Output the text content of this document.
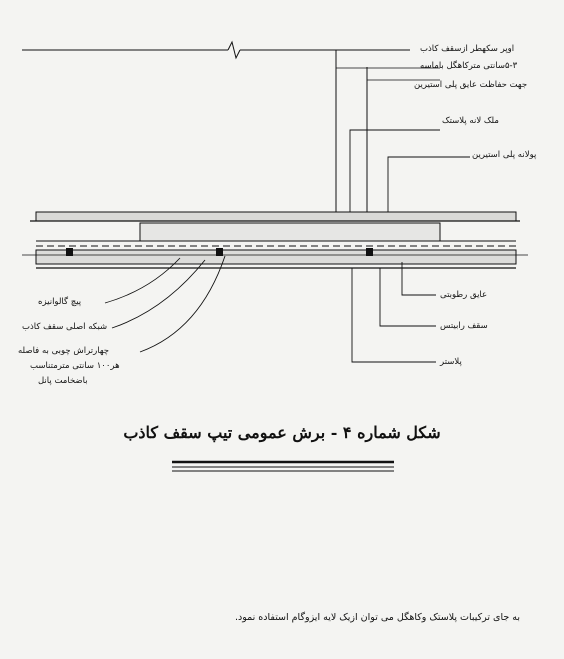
اوپر سکهطر ازسقف کاذب
۵-۳سانتی مترکاهگل باماسه
جهت حفاظت عایق پلی استیرین
ملک لانه پلاستک
پولانه پلی استیرین
عایق رطوبتی
سقف رابیتس
پلاستر
پیچ گالوانیزه
شبکه اصلی سقف کاذب
چهارتراش چوبی به فاصله
هر۱۰۰ سانتی مترمتناسب
باضخامت پانل
شکل شماره ۴ - برش عمومی تیپ سقف کاذب
به جای ترکیبات پلاستک وکاهگل می توان ازیک لایه ایزوگام استفاده نمود.
